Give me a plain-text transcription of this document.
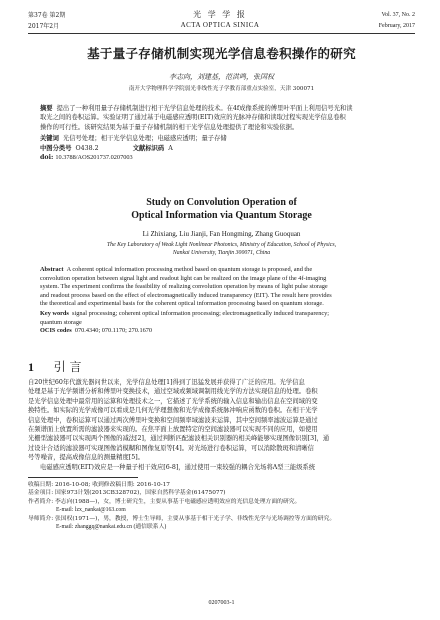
第37卷 第2期
2017年2月
光 学 学 报
ACTA OPTICA SINICA
Vol. 37, No. 2
February, 2017
基于量子存储机制实现光学信息卷积操作的研究
李志向，刘建基，范洪鸣，张国权
南开大学物理科学学院弱光非线性光子学教育部重点实验室，天津 300071
摘要 提出了一种利用量子存储机制进行相干光学信息处理的技术。在4f成像系统的傅里叶平面上利用信号光和读
取光之间的卷积运算。实验证明了通过基于电磁感应透明(EIT)效应的光脉冲存储和读取过程实现光学信息卷积
操作的可行性。该研究结果为基于量子存储机制的相干光学信息处理提供了理论和实验依据。
关键词 光信号处理；相干光学信息处理；电磁感应透明；量子存储
中图分类号 O438.2	文献标识码 A
doi: 10.3788/AOS201737.0207003
Study on Convolution Operation of
Optical Information via Quantum Storage
Li Zhixiang, Liu Jianji, Fan Hongming, Zhang Guoquan
The Key Laboratory of Weak Light Nonlinear Photonics, Ministry of Education, School of Physics,
Nankai University, Tianjin 300071, China
Abstract A coherent optical information processing method based on quantum storage is proposed, and the
convolution operation between signal light and readout light can be realized on the image plane of the 4f-imaging
system. The experiment confirms the feasibility of realizing convolution operation by means of light pulse storage
and readout process based on the effect of electromagnetically induced transparency (EIT). The result here provides
the theoretical and experimental basis for the coherent optical information processing based on quantum storage.
Key words signal processing; coherent optical information processing; electromagnetically induced transparency;
quantum storage
OCIS codes 070.4340; 070.1170; 270.1670
1 引 言
自20世纪60年代激光器问世以来，光学信息处理[1]得到了迅猛发展并获得了广泛的应用。光学信息
处理是基于光学频谱分析和傅里叶变换技术，通过空域或频域调制用线光学的方法实现信息的处理。卷积
是光学信息处理中最常用的运算和处理技术之一，它描述了光学系统的输入信息和输出信息在空间域的变
换特性。如实际的光学成像可以看成是几何光学理想像和光学成像系统脉冲响应函数的卷积。在相干光学
信息处理中，卷积运算可以通过两次傅里叶变换和空间频率域滤波来运算，其中空间频率滤波运算是通过
在频谱面上放置所需的滤波器来实现的。在焦平面上放置特定的空间滤波器可以实现不同的应用，如使用
光栅型滤波器可以实现两个图像的减法[2]，通过判断匹配滤波相关识别器的相关峰能够实现图像识别[3]，通
过设计合适的滤波器可实现图像消模糊和图像复原等[4]。对光场进行卷积运算，可以消除散斑和清晰信
号等噪音，提高成像信息的测量精度[5]。
电磁感应透明(EIT)效应是一种量子相干效应[6-8]，通过使用一束较强的耦合光场将Λ型三能级系统
收稿日期: 2016-10-08; 收到修改稿日期: 2016-10-17
基金项目: 国家973计划(2013CB328702)，国家自然科学基金(61475077)
作者简介: 李志向(1988—)，女，博士研究生，主要从事基于电磁感应透明效应的光信息处理方面的研究。
E-mail: lzx_nankai@163.com
导师简介: 张国权(1971—)，男，教授，博士生导师，主要从事基于相干光子学、非线性光学与光场调控等方面的研究。
E-mail: zhanggq@nankai.edu.cn (通信联系人)
0207003-1
